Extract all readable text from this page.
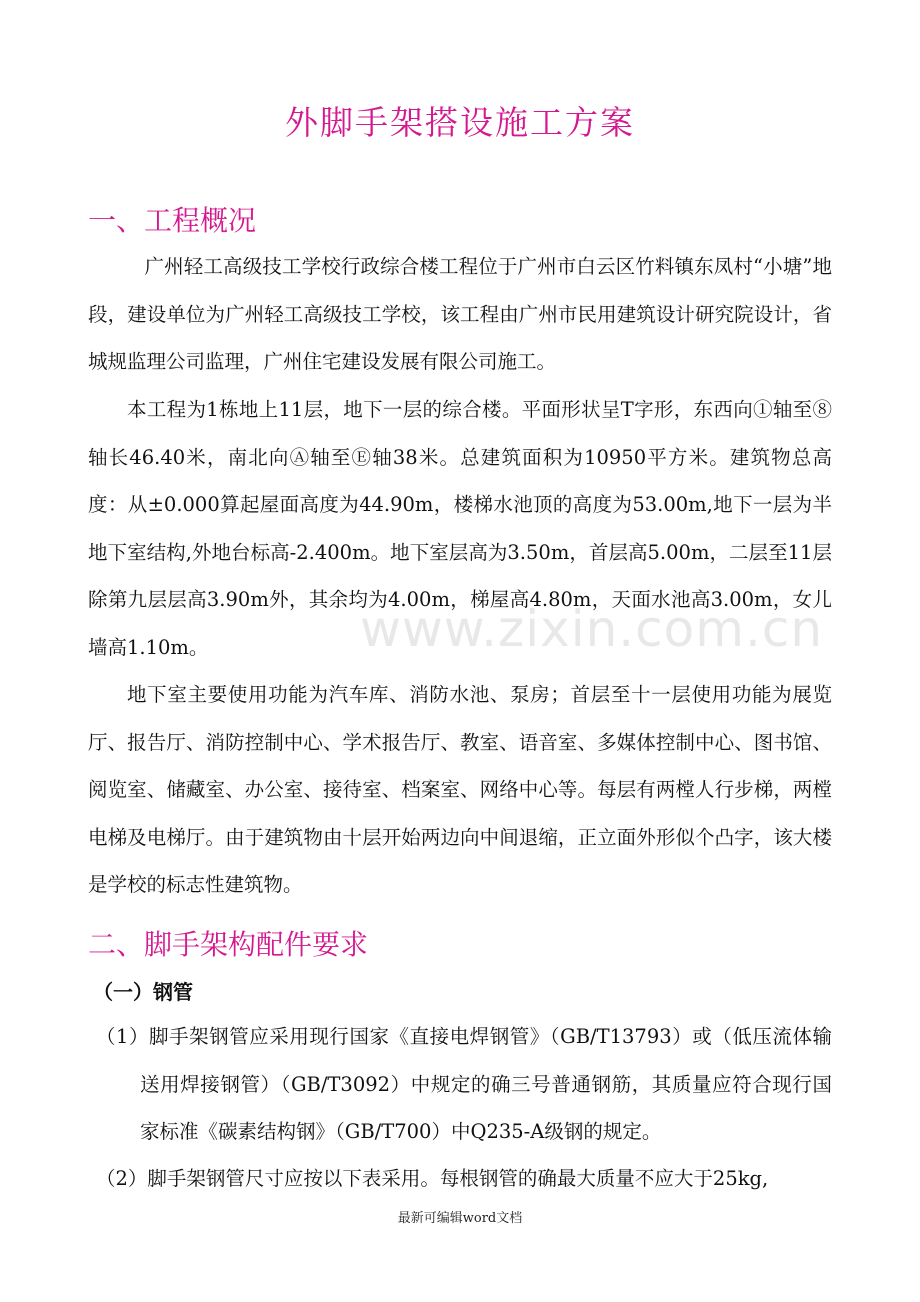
www.zixin.com.cn
外脚手架搭设施工方案
一、工程概况

广州轻工高级技工学校行政综合楼工程位于广州市白云区竹料镇东凤村“小塘”地段，建设单位为广州轻工高级技工学校，该工程由广州市民用建筑设计研究院设计，省城规监理公司监理，广州住宅建设发展有限公司施工。

本工程为1栋地上11层，地下一层的综合楼。平面形状呈T字形，东西向①轴至⑧轴长46.40米，南北向Ⓐ轴至Ⓔ轴38米。总建筑面积为10950平方米。建筑物总高度：从±0.000算起屋面高度为44.90m，楼梯水池顶的高度为53.00m,地下一层为半地下室结构,外地台标高-2.400m。地下室层高为3.50m，首层高5.00m，二层至11层除第九层层高3.90m外，其余均为4.00m，梯屋高4.80m，天面水池高3.00m，女儿墙高1.10m。

地下室主要使用功能为汽车库、消防水池、泵房；首层至十一层使用功能为展览厅、报告厅、消防控制中心、学术报告厅、教室、语音室、多媒体控制中心、图书馆、阅览室、储藏室、办公室、接待室、档案室、网络中心等。每层有两樘人行步梯，两樘电梯及电梯厅。由于建筑物由十层开始两边向中间退缩，正立面外形似个凸字，该大楼是学校的标志性建筑物。

二、脚手架构配件要求
（一）钢管

（1）脚手架钢管应采用现行国家《直接电焊钢管》（GB/T13793）或（低压流体输送用焊接钢管）（GB/T3092）中规定的确三号普通钢筋，其质量应符合现行国家标准《碳素结构钢》（GB/T700）中Q235-A级钢的规定。

（2）脚手架钢管尺寸应按以下表采用。每根钢管的确最大质量不应大于25kg,

最新可编辑word文档
